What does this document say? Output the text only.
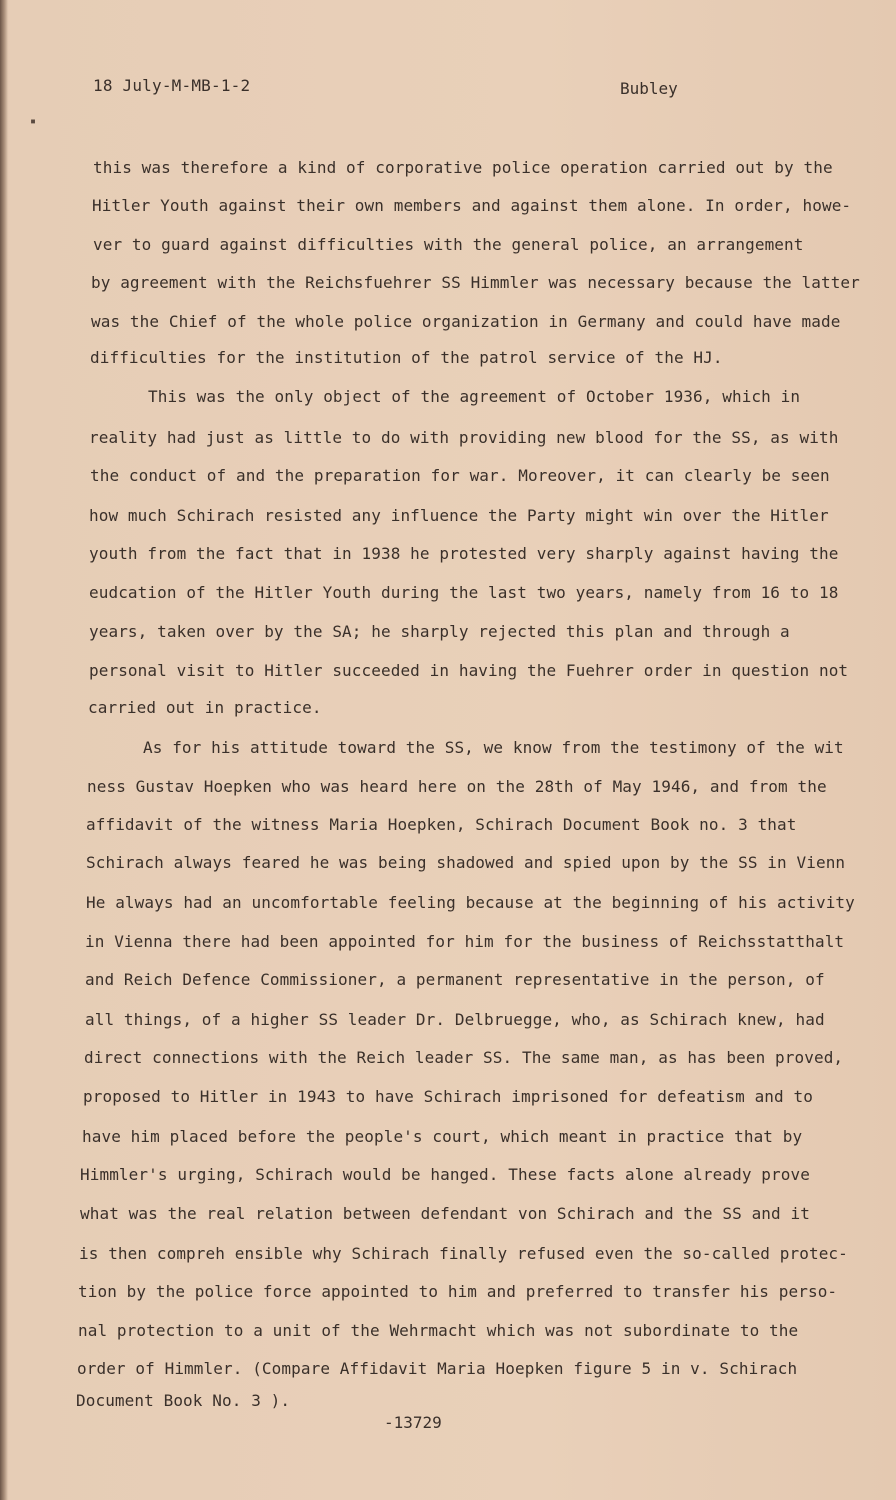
18 July-M-MB-1-2	Bubley
▪
this was therefore a kind of corporative police operation carried out by the
Hitler Youth against their own members and against them alone. In order, howe-
ver to guard against difficulties with the general police, an arrangement
by agreement with the Reichsfuehrer SS Himmler was necessary because the latter
was the Chief of the whole police organization in Germany and could have made
difficulties for the institution of the patrol service of the HJ.
This was the only object of the agreement of October 1936, which in
reality had just as little to do with providing new blood for the SS, as with
the conduct of and the preparation for war. Moreover, it can clearly be seen
how much Schirach resisted any influence the Party might win over the Hitler
youth from the fact that in 1938 he protested very sharply against having the
eudcation of the Hitler Youth during the last two years, namely from 16 to 18
years, taken over by the SA; he sharply rejected this plan and through a
personal visit to Hitler succeeded in having the Fuehrer order in question not
carried out in practice.
As for his attitude toward the SS, we know from the testimony of the wit
ness Gustav Hoepken who was heard here on the 28th of May 1946, and from the
affidavit of the witness Maria Hoepken, Schirach Document Book no. 3 that
Schirach always feared he was being shadowed and spied upon by the SS in Vienn
He always had an uncomfortable feeling because at the beginning of his activity
in Vienna there had been appointed for him for the business of Reichsstatthalt
and Reich Defence Commissioner, a permanent representative in the person, of
all things, of a higher SS leader Dr. Delbruegge, who, as Schirach knew, had
direct connections with the Reich leader SS. The same man, as has been proved,
proposed to Hitler in 1943 to have Schirach imprisoned for defeatism and to
have him placed before the people's court, which meant in practice that by
Himmler's urging, Schirach would be hanged. These facts alone already prove
what was the real relation between defendant von Schirach and the SS and it
is then compreh ensible why Schirach finally refused even the so-called protec-
tion by the police force appointed to him and preferred to transfer his perso-
nal protection to a unit of the Wehrmacht which was not subordinate to the
order of Himmler. (Compare Affidavit Maria Hoepken figure 5 in v. Schirach
Document Book No. 3 ).
-13729
